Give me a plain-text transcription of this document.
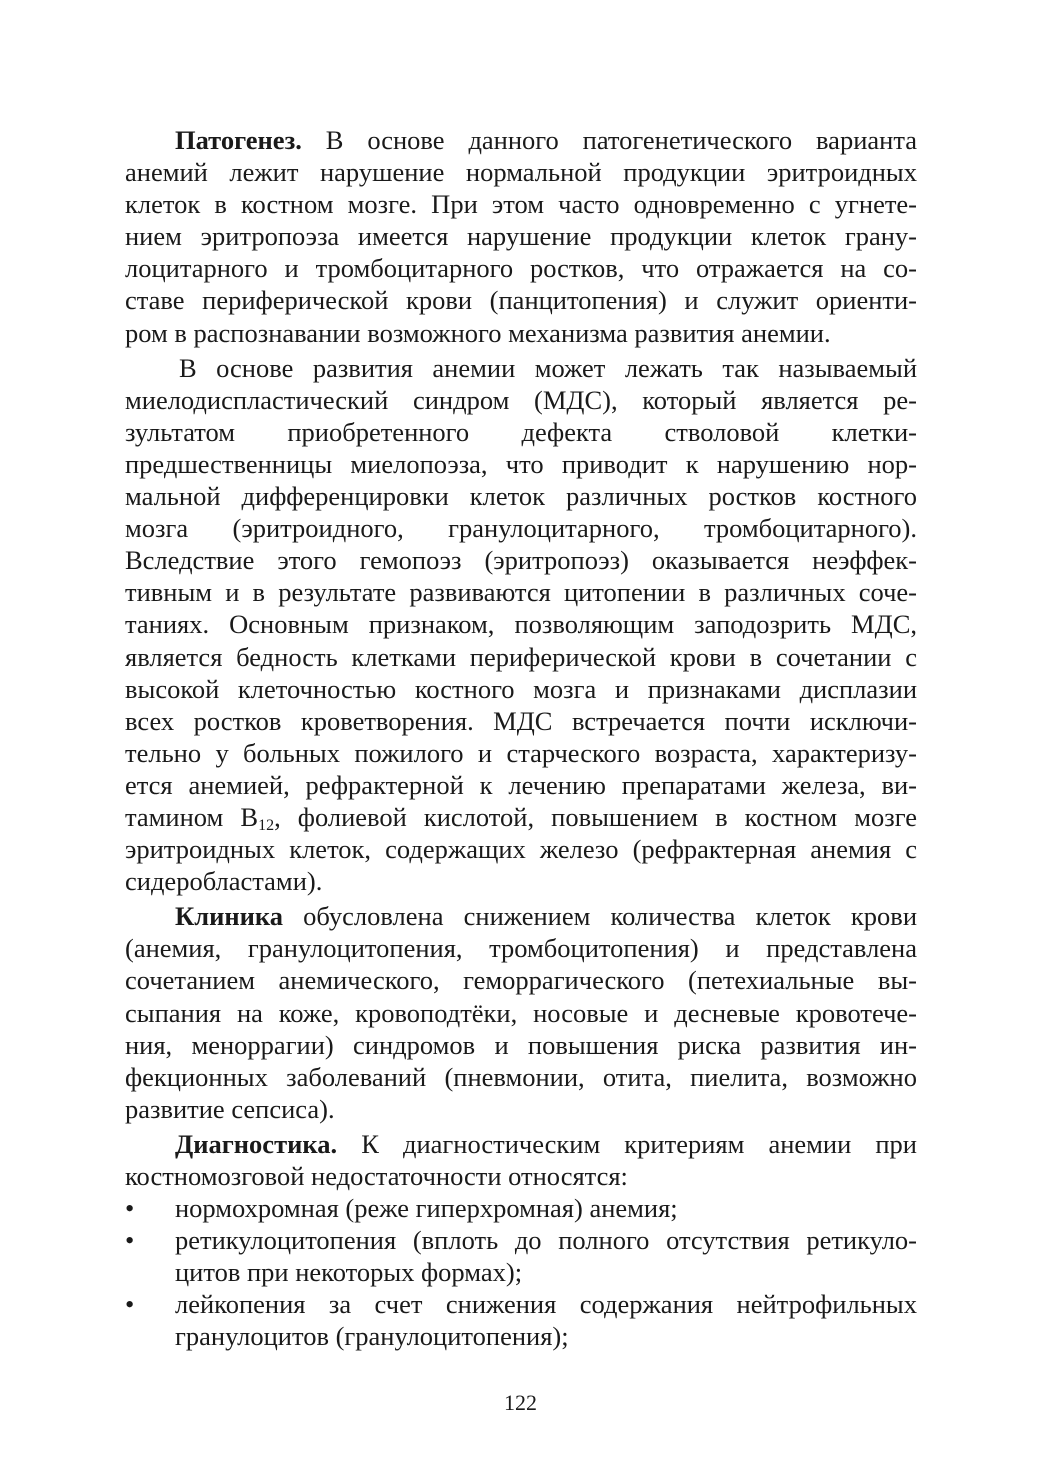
Патогенез. В основе данного патогенетического варианта
анемий лежит нарушение нормальной продукции эритроидных
клеток в костном мозге. При этом часто одновременно с угнете-
нием эритропоэза имеется нарушение продукции клеток грану-
лоцитарного и тромбоцитарного ростков, что отражается на со-
ставе периферической крови (панцитопения) и служит ориенти-
ром в распознавании возможного механизма развития анемии.
В основе развития анемии может лежать так называемый
миелодиспластический синдром (МДС), который является ре-
зультатом приобретенного дефекта стволовой клетки-
предшественницы миелопоэза, что приводит к нарушению нор-
мальной дифференцировки клеток различных ростков костного
мозга (эритроидного, гранулоцитарного, тромбоцитарного).
Вследствие этого гемопоэз (эритропоэз) оказывается неэффек-
тивным и в результате развиваются цитопении в различных соче-
таниях. Основным признаком, позволяющим заподозрить МДС,
является бедность клетками периферической крови в сочетании с
высокой клеточностью костного мозга и признаками дисплазии
всех ростков кроветворения. МДС встречается почти исключи-
тельно у больных пожилого и старческого возраста, характеризу-
ется анемией, рефрактерной к лечению препаратами железа, ви-
тамином $В_{12}$, фолиевой кислотой, повышением в костном мозге
эритроидных клеток, содержащих железо (рефрактерная анемия с
сидеробластами).
Клиника обусловлена снижением количества клеток крови
(анемия, гранулоцитопения, тромбоцитопения) и представлена
сочетанием анемического, геморрагического (петехиальные вы-
сыпания на коже, кровоподтёки, носовые и десневые кровотече-
ния, меноррагии) синдромов и повышения риска развития ин-
фекционных заболеваний (пневмонии, отита, пиелита, возможно
развитие сепсиса).
Диагностика. К диагностическим критериям анемии при
костномозговой недостаточности относятся:
• нормохромная (реже гиперхромная) анемия;
• ретикулоцитопения (вплоть до полного отсутствия ретикуло-
цитов при некоторых формах);
• лейкопения за счет снижения содержания нейтрофильных
гранулоцитов (гранулоцитопения);
122
